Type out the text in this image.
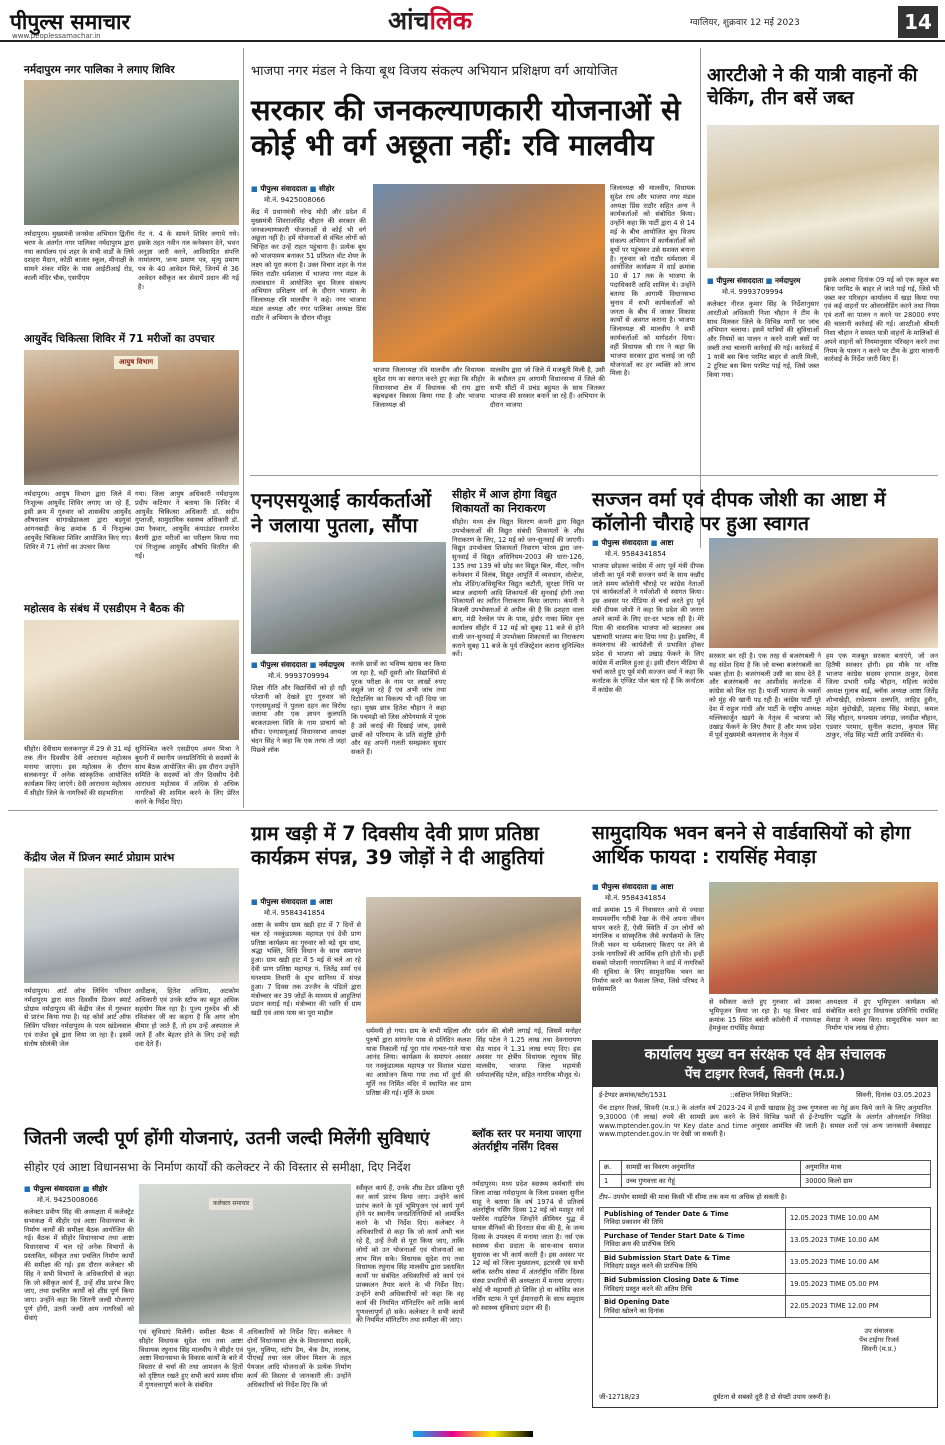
पीपुल्स समाचार
www.peoplessamachar.in
आंचलिक	ग्वालियर, शुक्रवार 12 मई 2023	14
नर्मदापुरम नगर पालिका ने लगाए शिविर
नर्मदापुरम। मुख्यमंत्री जनसेवा अभियान द्वितीय चरण के अंतर्गत नगर पालिका नर्मदापुरम द्वारा नया कार्यालय एवं शहर के सभी वार्डों के लिये दशहरा मैदान, कोठी बाजार स्कूल, मीनाक्षी के सामने शंकर मंदिर के पास आईटीआई रोड, काली मंदिर चौक, एसपीएम
गेट नं. 4 के सामने शिविर लगाये गये। इसके तहत नवीन नल कनेक्शन देने, भवन अनुज्ञा जारी करने, आविवादित संपत्ति नामांतरण, जन्म प्रमाण पत्र, मृत्यु प्रमाण पत्र के 40 आवेदन मिले, जिनमें से 36 आवेदन स्वीकृत कर सेवायें प्रदान की गई है।
आयुर्वेद चिकित्सा शिविर में 71 मरीजों का उपचार
आयुष विभाग
नर्मदापुरम। आयुष विभाग द्वारा जिले में निःशुल्क आयुर्वेद शिविर लगाए जा रहे हैं, इसी क्रम में गुरुवार को शासकीय आयुर्वेद औषधालय सांगाखेड़ाकला द्वारा बड़गुवां आंगनबाड़ी केन्द्र क्रमांक 6 में निःशुल्क आयुर्वेद चिकित्सा शिविर आयोजित किए गए। शिविर में 71 लोगों का उपचार किया
गया। जिला आयुष अधिकारी नर्मदापुरम प्रदीप कटियार ने बताया कि शिविर में आयुर्वेद चिकित्सा अधिकारी डॉ. संदीप गुप्ताजी, सामुदायिक स्वास्थ्य अधिकारी डॉ. उमा रैकवार, आयुर्वेद कंपाउंडर रामनरेश बैरागी द्वारा मरीजों का परीक्षण किया गया एवं निःशुल्क आयुर्वेद औषधि वितरित की गईं।
महोत्सव के संबंध में एसडीएम ने बैठक की
सीहोर। देवीधाम सलकनपुर में 29 से 31 मई तक तीन दिवसीय देवी आराधना महोत्सव मनाया जाएगा। इस महोत्सव के दौरान सलकनपुर में अनेक सांस्कृतिक आयोजित कार्यक्रम किए जाएंगे। देवी आराधना महोत्सव में सीहोर जिले के नागरिकों की सहभागिता
सुनिश्चित करने एसडीएम अमन मिश्रा ने बुधनी में स्थानीय जनप्रतिनिधि से सदस्यों के साथ बैठक आयोजित की। इस दौरान उन्होंने समिति के सदस्यों को तीन दिवसीय देवी आराधना महोत्सव में अधिक से अधिक नागरिकों की शामिल करने के लिए प्रेरित करने के निर्देश दिए।
केंद्रीय जेल में प्रिजन स्मार्ट प्रोग्राम प्रारंभ
नर्मदापुरम। आर्ट ऑफ लिविंग परिवार नर्मदापुरम द्वारा सात दिवसीय प्रिजन स्मार्ट प्रोग्राम नर्मदापुरम की केंद्रीय जेल में गुरुवार से प्रारंभ किया गया है। यह कोर्स आर्ट ऑफ लिविंग परिवार नर्मदापुरम के परम खंडेलवाल एवं राजेश दुबे द्वारा लिया जा रहा है। इसमें संतोष सोलंकी जेल
अधीक्षक, हितेश अन्डिया, अटकोम अधिकारी एवं उनके स्टॉफ का बहुत अधिक सहयोग मिल रहा है। पूज्य गुरुदेव श्री श्री रविशंकर जी का कहना है कि अगर लोग बीमार हो जाते हैं, तो हम उन्हें अस्पताल ले जाते हैं और बेहतर होने के लिए उन्हें सही दवा देते हैं।
भाजपा नगर मंडल ने किया बूथ विजय संकल्प अभियान प्रशिक्षण वर्ग आयोजित
सरकार की जनकल्याणकारी योजनाओं से कोई भी वर्ग अछूता नहीं: रवि मालवीय
■ पीपुल्स संवाददाता ■ सीहोर
मो.नं. 9425008066
केंद्र में प्रधानमंत्री नरेन्द्र मोदी और प्रदेश में मुख्यमंत्री शिवराजसिंह चौहान की सरकार की जनकल्याणकारी योजनाओं से कोई भी वर्ग अछूता नहीं है। हमें योजनाओं से वंचित लोगों को चिन्हित कर उन्हें राहत पहुंचाना है। प्रत्येक बूथ को भाजपामय बनाकर 51 प्रतिशत वोट शेयर के लक्ष्य को पूरा करना है। उक्त विचार शहर के गंज स्थित राठौर धर्मशाला में भाजपा नगर मंडल के तत्वावधान में आयोजित बूथ विजय संकल्प अभियान प्रशिक्षण वर्ग के दौरान भाजपा के जिलाध्यक्ष रवि मालवीय ने कहे। नगर भाजपा मंडल अध्यक्ष और नगर पालिका अध्यक्ष प्रिंस राठौर ने अभियान के दौरान मौजूद
भाजपा जिलाध्यक्ष रवि मालवीय और विधायक सुदेश राय का स्वागत करते हुए कहा कि सीहोर विधानसभा क्षेत्र में विधायक श्री राय द्वारा बढ़चढ़कर विकास किया गया है और भाजपा जिलाध्यक्ष श्री
मालवीय द्वारा जो जिले में मजबूती मिली है, उसी के बदौलत हम आगामी विधानसभा में जिले की सभी सीटों में प्रचंड बहुमत के साथ जितकर भाजपा की सरकार बनाने जा रहे हैं। अभियान के दौरान भाजपा
जिलाध्यक्ष श्री मालवीय, विधायक सुदेश राय और भाजपा नगर मंडल अध्यक्ष प्रिंस राठौर सहित अन्य ने कार्यकर्ताओं को संबोधित किया। उन्होंने कहा कि पार्टी द्वारा 4 से 14 मई के बीच आयोजित बूथ विजय संकल्प अभियान में कार्यकर्ताओं को बूथों पर पहुंचकर उसे सशक्त बनाना है। गुरुवार को राठौर धर्मशाला में आयोजित कार्यक्रम में वार्ड क्रमांक 10 से 17 तक के भाजपा के पदाधिकारी आदि शामिल थे। उन्होंने बताया कि आगामी विधानसभा चुनाव में सभी कार्यकर्ताओं को जनता के बीच में जाकर विकास कार्यों से अवगत कराना है। भाजपा जिलाध्यक्ष श्री मालवीय ने सभी कार्यकर्ताओं को मार्गदर्शन दिया। वहीं विधायक श्री राय ने कहा कि भाजपा सरकार द्वारा चलाई जा रही योजनाओं का हर व्यक्ति को लाभ मिला है।
आरटीओ ने की यात्री वाहनों की चेकिंग, तीन बसें जब्त
■ पीपुल्स संवाददाता ■ नर्मदापुरम
मो.नं. 9993709994
कलेक्टर नीरज कुमार सिंह के निर्देशानुसार आरटीओ अधिकारी निशा चौहान ने टीम के साथ मिलकर जिले के विभिन्न मार्गों पर जांच अभियान चलाया। इसमें यात्रियों की सुविधाओं और नियमों का पालन न करने वाली बसों पर जब्ती तथा चालानी कार्रवाई की गई। कार्रवाई में 1 यात्री बस बिना परमिट बाहर से आती मिली, 2 टूरिस्ट बस बिना परमिट पाई गई, जिसे जब्त किया गया।
इसके अलावा दिनांक 09 मई को एक स्कूल बस बिना परमिट के बाहर ले जाते पाई गई, जिसे भी जब्त कर परिवहन कार्यालय में खड़ा किया गया एवं कई वाहनों पर ओवरलोडिंग करने तथा नियम एवं शर्तों का पालन न करने पर 28000 रुपए की चालानी कार्रवाई की गई। आरटीओ श्रीमती निशा चौहान ने समस्त यात्री वाहनों के मालिकों से अपने वाहनों को नियमानुसार परिवहन करने तथा नियम के पालन न करने पर टीम के द्वारा चालानी कार्रवाई के निर्देश जारी किए हैं।
एनएसयूआई कार्यकर्ताओं ने जलाया पुतला, सौंपा
■ पीपुल्स संवाददाता ■ नर्मदापुरम
मो.नं. 9993709994
शिक्षा नीति और विद्यार्थियों को हो रही परेशानी को देखते हुए गुरुवार को एनएसयूआई ने पुतला दहन कर विरोध जताया और एक ज्ञापन कुलपति बरकतउल्ला विवि के नाम प्राचार्य को सौंपा। एनएसयूआई विधानसभा अध्यक्ष चंदन सिंह ने कहा कि एक तरफ तो जहां पिछ्ले लॉक
करके छात्रों का भविष्य खराब कर किया जा रहा है, वहीं दूसरी ओर विद्यार्थियों से पूरक परीक्षा के नाम पर लाखों रुपए वसूले जा रहे हैं एवं अभी जांच तथा रिटोटलिंग का विकल्प भी नहीं दिया जा रहा। मुख्य छात्र हितेश चौहान ने कहा कि पचमढ़ी को जिस ओपेनमार्क में पूरक है उसे कराई की दिखाई जांच, इससे छात्रों को परिणाम के प्रति संतुष्टि होगी और वह अपनी गलती समझकर सुधार सकते हैं।
सीहोर में आज होगा विद्युत शिकायतों का निराकरण
सीहोर। मध्य क्षेत्र विद्युत वितरण कंपनी द्वारा विद्युत उपभोक्ताओं की विद्युत संबंधी शिकायतों के शीघ्र निराकरण के लिए, 12 मई को जन-सुनवाई की जाएगी। विद्युत उपभोक्ता शिकायतों निवारण फोरम द्वारा जन-सुनवाई में विद्युत अधिनियम-2003 की धारा-126, 135 तथा 139 को छोड़ कर विद्युत बिल, मीटर, नवीन कनेक्शन में विलंब, विद्युत आपूर्ति में व्यवधान, वोल्टेज, लोड शेडिंग/अधिसूचित विद्युत कटौती, सुरक्षा निधि पर ब्याज अदायगी आदि शिकायतों की सुनवाई होगी तथा शिकायतों का त्वरित निराकरण किया जाएगा। कंपनी ने बिजली उपभोक्ताओं से अपील की है कि दशहरा वाला बाग, मंडी रेलवेल पंप के पास, इंदौर नाका स्थित वृत्त कार्यालय सीहोर में 12 मई को सुबह 11 बजे से होने वाली जन-सुनवाई में उपभोक्ता शिकायतों का निराकरण कराने सुबह 11 बजे के पूर्व रजिस्ट्रेशन कराना सुनिश्चित करें।
सज्जन वर्मा एवं दीपक जोशी का आष्टा में कॉलोनी चौराहे पर हुआ स्वागत
■ पीपुल्स संवाददाता ■ आष्टा
मो.नं. 9584341854
भाजपा छोड़कर कांग्रेस में आए पूर्व मंत्री दीपक जोशी का पूर्व मंत्री सज्जन वर्मा के साथ कन्नौद जाते समय कॉलोनी चौराहे पर कांग्रेस नेताओं एवं कार्यकर्ताओं ने गर्मजोशी से स्वागत किया। इस अवसर पर मीडिया से चर्चा करते हुए पूर्व मंत्री दीपक जोशी ने कहा कि प्रदेश की जनता अपने कामों के लिए दर-दर भटक रही है। मेरे पिता की वास्तविक भाजपा को बदलकर अब भ्रष्टाचारी भाजपा बना दिया गया है। इसलिए, मैं कमलनाथ की कार्यशैली से प्रभावित होकर प्रदेश से भाजपा को उखाड़ फेंकने के लिए कांग्रेस में शामिल हुआ हूं। इसी दौरान मीडिया से चर्चा करते हुए पूर्व मंत्री सज्जन वर्मा ने कहा कि कर्नाटक के एग्जिट पोल बता रहे हैं कि कर्नाटक में कांग्रेस की
सरकार बन रही है। एक तरह से बजरंगबली ने यह संदेश दिया है कि जो सच्चा बजरंगबली का भक्त होता है। बजरंगबली उसी का साथ देते हैं और बजरंगबली का आशीर्वाद कर्नाटक में कांग्रेस को मिल रहा है। फर्जी भाजपा के भक्तों को मुंह की खानी पड़ रही है। कांग्रेस पार्टी पूरे देश में राहुल गांधी और पार्टी के राष्ट्रीय अध्यक्ष मल्लिकार्जुन खड़गे के नेतृत्व में भाजपा को उखाड़ फेंकने के लिए तैयार है और मध्य प्रदेश में पूर्व मुख्यमंत्री कमलनाथ के नेतृत्व में
हम एक मजबूत सरकार बनाएंगे, जो जन हितैषी सरकार होगी। इस मौके पर वरिष्ठ भाजपा कांग्रेस सदस्य हरपाल ठाकुर, देवास जिला प्रभारी धर्मेंद्र चौहान, महिला कांग्रेस अध्यक्ष गुलाब बाई, ब्लॉक अध्यक्ष आष्टा जितेंद्र शोभाखेड़ी, राधेश्याम दलपति, जाहिद हुसैन, महेश मुंदोखेड़ी, प्रहलाद सिंह मेवाड़ा, कमल सिंह चौहान, घनश्याम जांगड़ा, जगदीश चौहान, एडवार परमार, सुनील कटारा, कृपाल सिंह ठाकुर, नरेंद्र सिंह भाटी आदि उपस्थित थे।
ग्राम खड़ी में 7 दिवसीय देवी प्राण प्रतिष्ठा कार्यक्रम संपन्न, 39 जोड़ों ने दी आहुतियां
■ पीपुल्स संवाददाता ■ आष्टा
मो.नं. 9584341854
आष्टा के समीप ग्राम खड़ी हाट में 7 दिनों से चल रहे नवकुंडात्मक महायज्ञ एवं देवी प्राण प्रतिष्ठा कार्यक्रम का गुरुवार को बड़े धूम धाम, श्रद्धा भक्ति, विधि विधान के साथ समापन हुआ। ग्राम खड़ी हाट में 5 मई से चले आ रहे देवी प्राण प्रतिष्ठा महायज्ञ पं. जितेंद्र शर्मा एवं घनश्याम तिवारी के शुभ सानिध्य में संपन्न हुआ। 7 दिवस तक उज्जैन के पंडितों द्वारा मंत्रोच्चार कर 39 जोड़ों के माध्यम से आहुतियां प्रदान कराई गई। मंत्रोच्चार की ध्वनि से ग्राम खड़ी एवं आस पास का पूरा माहौल
धर्ममयी हो गया। ग्राम के सभी महिला और पुरुषों द्वारा सांगानेर पास से प्रतिदिन कलश यात्रा निकाली गई पूरा गांव नाचत-गाते यात्रा आनंद लिया। कार्यक्रम के समापन अवसर पर नवकुंडात्मक महायज्ञ पर विशाल भंडारा का आयोजन किया गया तथा माँ दुर्गा की मूर्ति नव निर्मित मंदिर में स्थापित कर प्राण प्रतिष्ठा की गई। मूर्ति के प्रथम
दर्शन की बोली लगाई गई, जिसमें मनोहर सिंह पटेल ने 1.25 लाख तथा देवनारायण सेठ यादव ने 1.31 लाख रुपए दिए। इस अवसर पर क्षेत्रीय विधायक रघुनाथ सिंह मालवीय, भाजपा जिला महामंत्री धर्मपालसिंह पटेल, सहित नागरिक मौजूद थे।
सामुदायिक भवन बनने से वार्डवासियों को होगा आर्थिक फायदा : रायसिंह मेवाड़ा
■ पीपुल्स संवाददाता ■ आष्टा
मो.नं. 9584341854
वार्ड क्रमांक 15 में निवासरत आधे से ज्यादा मध्यमवर्गीय गरीबी रेखा के नीचे अपना जीवन यापन करते हैं, ऐसी स्थिति में उन लोगों को मांगलिक व सांस्कृतिक जैसे कार्यक्रमों के लिए निजी भवन या धर्मशालाएं किराए पर लेने से उनके नागरिकों की आर्थिक हानि होती थी। इन्हीं सबको परेशानी नगरपालिका ने वार्ड में नागरिकों की सुविधा के लिए सामुदायिक भवन का निर्माण करने का फैसला लिया, जिसे परिषद ने सर्वसम्मति
से स्वीकार करते हुए गुरुवार को उसका भूमिपूजन किया जा रहा है। यह विचार वार्ड क्रमांक 15 स्थित बसंती कॉलोनी में नपाध्यक्ष हेमकुंवर रायसिंह मेवाड़ा
अध्यक्षता में हुए भूमिपूजन कार्यक्रम को संबोधित करते हुए विधायक प्रतिनिधि रायसिंह मेवाड़ा ने व्यक्त किए। सामुदायिक भवन का निर्माण पांच लाख से होगा।
कार्यालय मुख्य वन संरक्षक एवं क्षेत्र संचालक
पेंच टाइगर रिजर्व, सिवनी (म.प्र.)
ई-टेण्डर क्रमांक/स्टोर/1531	::संक्षिप्त निविदा विज्ञप्ति::	सिवनी, दिनांक 03.05.2023
पेंच टाइगर रिजर्व, सिवनी (म.प्र.) के अंतर्गत वर्ष 2023-24 में हाथी खाद्यान्न हेतु उच्च गुणवत्ता का गेहूं क्रय किये जाने के लिए अनुमानित 9,30000 (नौ लाख) रुपये की सामग्री क्रय करने के लिये विभिन्न फर्मों से ई-टेण्डरिंग पद्धति के अंतर्गत ऑनलाईन निविदा www.mptender.gov.in पर Key date and time अनुसार आमंत्रित की जाती है। समस्त शर्तों एवं अन्य जानकारी वेबसाइट www.mptender.gov.in पर देखी जा सकती है।
क्र.	सामग्री का विवरण अनुमानित	अनुमानित मात्रा
1	उच्च गुणवत्ता का गेहूं	30000 किलो ग्राम
टीप– उपयोग सामग्री की मात्रा किसी भी सीमा तक कम या अधिक हो सकती है।
Publishing of Tender Date & Time
निविदा प्रकाशन की तिथि	12.05.2023 TIME 10.00 AM

Purchase of Tender Start Date & Time
निविदा क्रय की प्रारंभिक तिथि	13.05.2023 TIME 10.00 AM

Bid Submission Start Date & Time
निविदाएं प्रस्तुत करने की प्रारंभिक तिथि	13.05.2023 TIME 10.00 AM

Bid Submission Closing Date & Time
निविदाएं प्रस्तुत करने की अंतिम तिथि	19.05.2023 TIME 05.00 PM

Bid Opening Date
निविदा खोलने का दिनांक	22.05.2023 TIME 12.00 PM
उप संचालक
पेंच टाईगर रिजर्व
सिवनी (म.प्र.)
जी-12718/23	दुर्घटना से सबको दूरी है दो सेफ्टी उपाय जरूरी है।
जितनी जल्दी पूर्ण होंगी योजनाएं, उतनी जल्दी मिलेंगी सुविधाएं
सीहोर एवं आष्टा विधानसभा के निर्माण कार्यों की कलेक्टर ने की विस्तार से समीक्षा, दिए निर्देश
■ पीपुल्स संवाददाता ■ सीहोर
मो.नं. 9425008066
कलेक्टर प्रवीण सिंह की अध्यक्षता में कलेक्ट्रेट सभाकक्ष में सीहोर एवं आष्टा विधानसभा के निर्माण कार्यों की समीक्षा बैठक आयोजित की गई। बैठक में सीहोर विधानसभा तथा आष्टा विधानसभा में चल रहे अनेक विभागों के प्रस्तावित, स्वीकृत तथा प्रचलित निर्माण कार्यों की समीक्षा की गई। इस दौरान कलेक्टर श्री सिंह ने सभी विभागों के अधिकारियों से कहा कि जो स्वीकृत कार्य हैं, उन्हें शीघ्र प्रारंभ किए जाए, तथा प्रचलित कार्यों को शीघ्र पूर्ण किया जाए। उन्होंने कहा कि जितनी जल्दी योजनाएं पूर्ण होंगी, उतनी जल्दी आम नागरिकों को सेवाएं
कलेक्टर समाचार
एवं सुविधाएं मिलेंगी। समीक्षा बैठक में सीहोर विधायक सुदेश राय तथा आष्टा विधायक रघुनाथ सिंह मालवीय ने सीहोर एवं आष्टा विधानसभा के विकास कार्यों के बारे में विस्तार से चर्चा की तथा आमजन के हितों को दृष्टिगत रखते हुए सभी कार्य समय सीमा में गुणवत्तापूर्ण करने के संबंधित
अधिकारियों को निर्देश दिए। कलेक्टर ने दोनों विधानसभा क्षेत्र के विधानसभा सड़कें, पुल, पुलिया, स्टॉप डैम, चेक डैम, तालाब, पीएचई तथा जल जीवन मिशन के तहत पेयजल आदि योजनाओं के प्रत्येक निर्माण कार्य की विस्तार से जानकारी ली। उन्होंने अधिकारियों को निर्देश दिए कि जो
स्वीकृत कार्य हैं, उनके शीघ्र टेंडर प्रक्रिया पूरी कर कार्य प्रारंभ किया जाए। उन्होंने कार्य प्रारंभ करने के पूर्व भूमिपूजन एवं कार्य पूर्ण होने पर स्थानीय जनप्रतिनिधियों को आमंत्रित करने के भी निर्देश दिए। कलेक्टर ने अधिकारियों से कहा कि जो कार्य अभी चल रहे हैं, उन्हें तेजी से पूरा किया जाए, ताकि लोगों को उन योजनाओं एवं योजनाओं का लाभ मिल सके। विधायक सुदेश राय तथा विधायक रघुनाथ सिंह मालवीय द्वारा प्रस्तावित कार्यों पर संबंधित अधिकारियों को कार्य एवं प्राक्कलन तैयार करने के भी निर्देश दिए। उन्होंने सभी अधिकारियों को कहा कि वह कार्य की नियमित मॉनिटरिंग करें ताकि कार्य गुणवत्तापूर्ण हो सके। कलेक्टर ने सभी कार्यों की नियमित मॉनिटरिंग तथा समीक्षा की जाए।
ब्लॉक स्तर पर मनाया जाएगा अंतर्राष्ट्रीय नर्सिंग दिवस
नर्मदापुरम। मध्य प्रदेश स्वास्थ्य कर्मचारी संघ जिला शाखा नर्मदापुरम के जिला प्रवक्ता सुनील साहू ने बताया कि वर्ष 1974 से प्रतिवर्ष अंतर्राष्ट्रीय नर्सिंग दिवस 12 मई को मशहूर नर्स फ्लोरेंस नाइटिंगेल जिन्होंने क्रीमियर युद्ध में घायल सैनिकों की दिनरात सेवा की है, के जन्म दिवस के उपलक्ष्य में मनाया जाता है। नर्स एक स्वास्थ्य सेवा प्रदाता के साथ-साथ समाज सुधारक का भी कार्य करती है। इस अवसर पर 12 मई को जिला मुख्यालय, इटारसी एवं सभी ब्लॉक स्तरीय संस्था में अंतर्राष्ट्रीय नर्सिंग दिवस संस्था प्रभारियों की अध्यक्षता में मनाया जाएगा। कोई भी महामारी हो शिविर हो या कोविड काल नर्सिंग स्टाफ ने पूर्ण ईमानदारी के साथ समुदाय को स्वास्थ्य सुविधाएं प्रदान की हैं।
